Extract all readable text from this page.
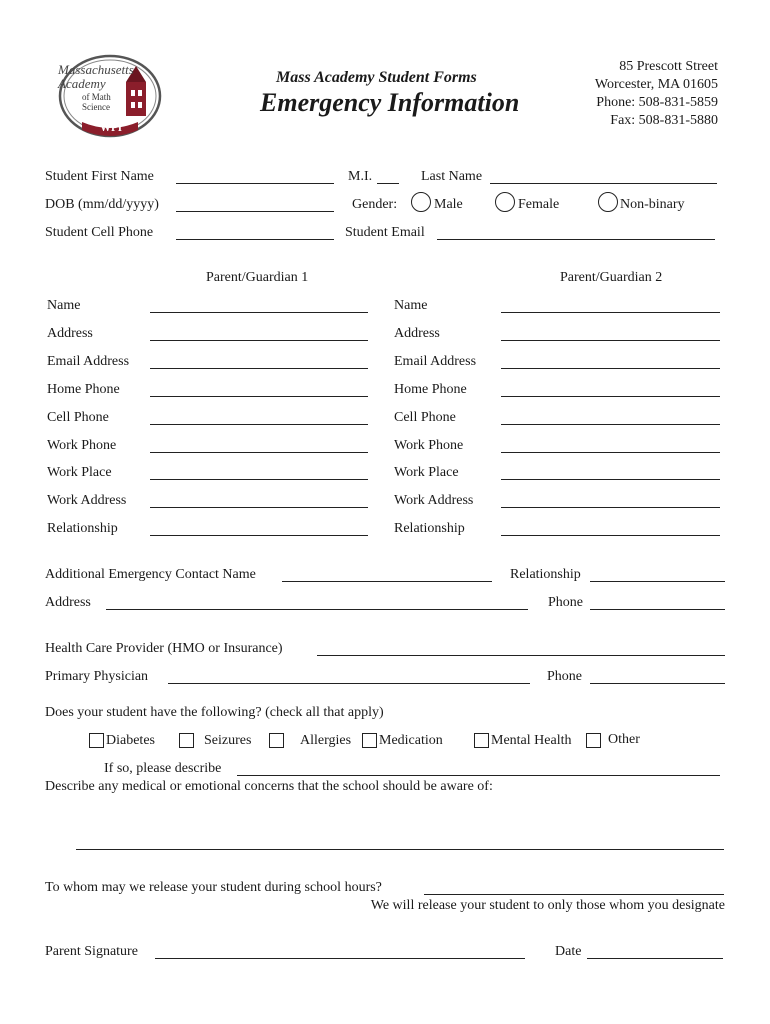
Massachusetts
Academy
of Math
Science
at WPI
Mass Academy Student Forms
Emergency Information
85 Prescott Street
Worcester, MA 01605
Phone: 508-831-5859
Fax: 508-831-5880
Student First Name	M.I.	Last Name
DOB (mm/dd/yyyy)	Gender:	Male	Female	Non-binary
Student Cell Phone	Student Email
Parent/Guardian 1	Parent/Guardian 2
Name	Name
Address	Address
Email Address	Email Address
Home Phone	Home Phone
Cell Phone	Cell Phone
Work Phone	Work Phone
Work Place	Work Place
Work Address	Work Address
Relationship	Relationship
Additional Emergency Contact Name	Relationship
Address	Phone
Health Care Provider (HMO or Insurance)
Primary Physician	Phone
Does your student have the following? (check all that apply)
Diabetes	Seizures	Allergies Medication	Mental Health	Other
If so, please describe
Describe any medical or emotional concerns that the school should be aware of:
To whom may we release your student during school hours?
We will release your student to only those whom you designate
Parent Signature	Date
